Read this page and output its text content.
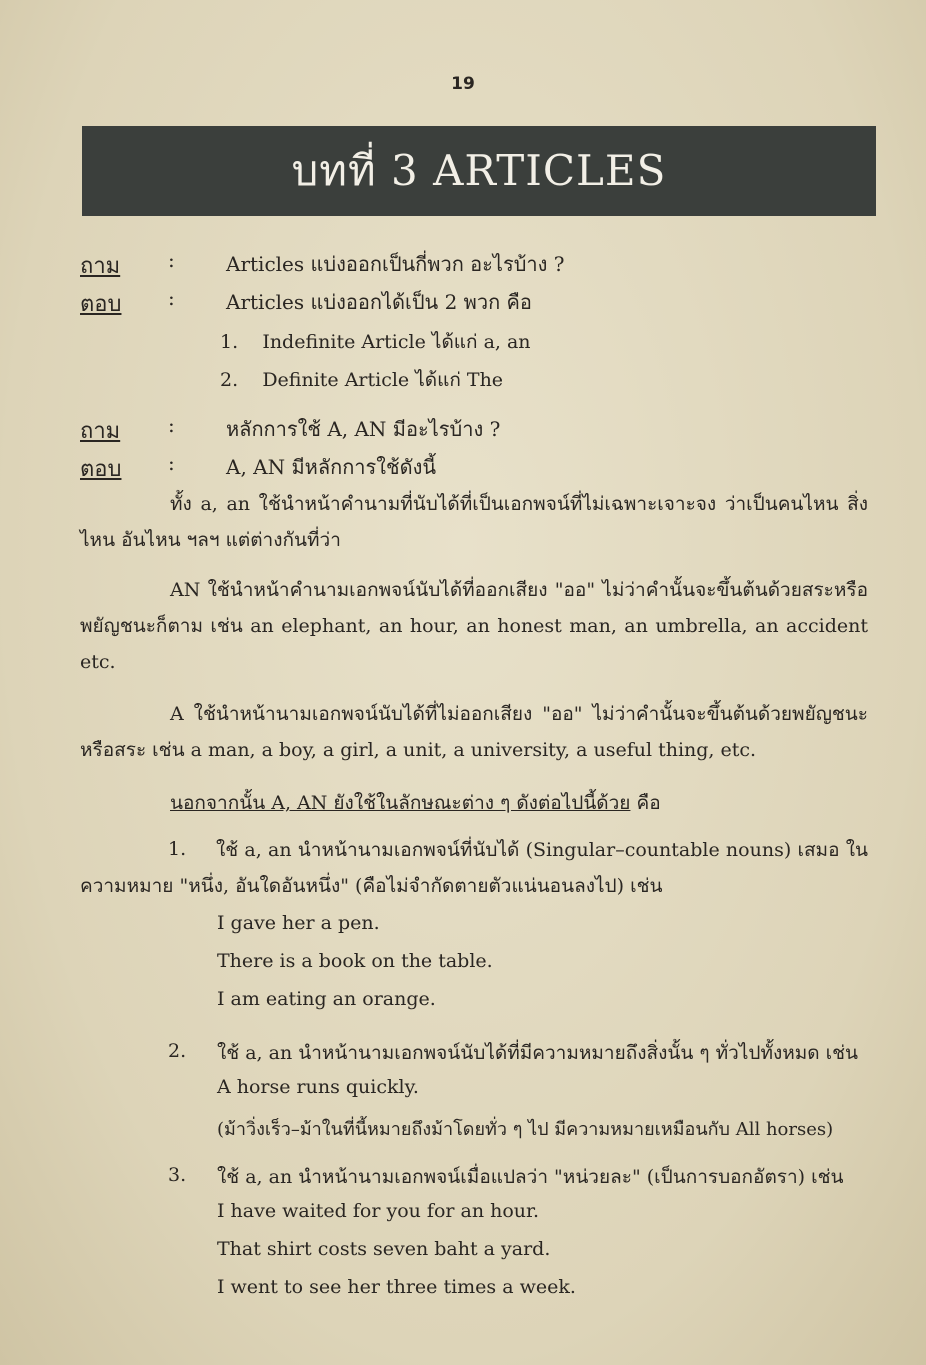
19
บทที่ 3 ARTICLES
ถาม	:	Articles แบ่งออกเป็นกี่พวก อะไรบ้าง ?
ตอบ	:	Articles แบ่งออกได้เป็น 2 พวก คือ
1. Indefinite Article ได้แก่ a, an
2. Definite Article ได้แก่ The
ถาม	:	หลักการใช้ A, AN มีอะไรบ้าง ?
ตอบ	:	A, AN มีหลักการใช้ดังนี้
ทั้ง a, an ใช้นำหน้าคำนามที่นับได้ที่เป็นเอกพจน์ที่ไม่เฉพาะเจาะจง ว่าเป็นคนไหน สิ่งไหน อันไหน ฯลฯ แต่ต่างกันที่ว่า
AN ใช้นำหน้าคำนามเอกพจน์นับได้ที่ออกเสียง "ออ" ไม่ว่าคำนั้นจะขึ้นต้นด้วยสระหรือพยัญชนะก็ตาม เช่น an elephant, an hour, an honest man, an umbrella, an accident etc.
A ใช้นำหน้านามเอกพจน์นับได้ที่ไม่ออกเสียง "ออ" ไม่ว่าคำนั้นจะขึ้นต้นด้วยพยัญชนะหรือสระ เช่น a man, a boy, a girl, a unit, a university, a useful thing, etc.
นอกจากนั้น A, AN ยังใช้ในลักษณะต่าง ๆ ดังต่อไปนี้ด้วย คือ
1.	ใช้ a, an นำหน้านามเอกพจน์ที่นับได้ (Singular–countable nouns) เสมอ ในความหมาย "หนึ่ง, อันใดอันหนึ่ง" (คือไม่จำกัดตายตัวแน่นอนลงไป) เช่น
I gave her a pen.
There is a book on the table.
I am eating an orange.
2. ใช้ a, an นำหน้านามเอกพจน์นับได้ที่มีความหมายถึงสิ่งนั้น ๆ ทั่วไปทั้งหมด เช่น
A horse runs quickly.
(ม้าวิ่งเร็ว–ม้าในที่นี้หมายถึงม้าโดยทั่ว ๆ ไป มีความหมายเหมือนกับ All horses)
3. ใช้ a, an นำหน้านามเอกพจน์เมื่อแปลว่า "หน่วยละ" (เป็นการบอกอัตรา) เช่น
I have waited for you for an hour.
That shirt costs seven baht a yard.
I went to see her three times a week.
